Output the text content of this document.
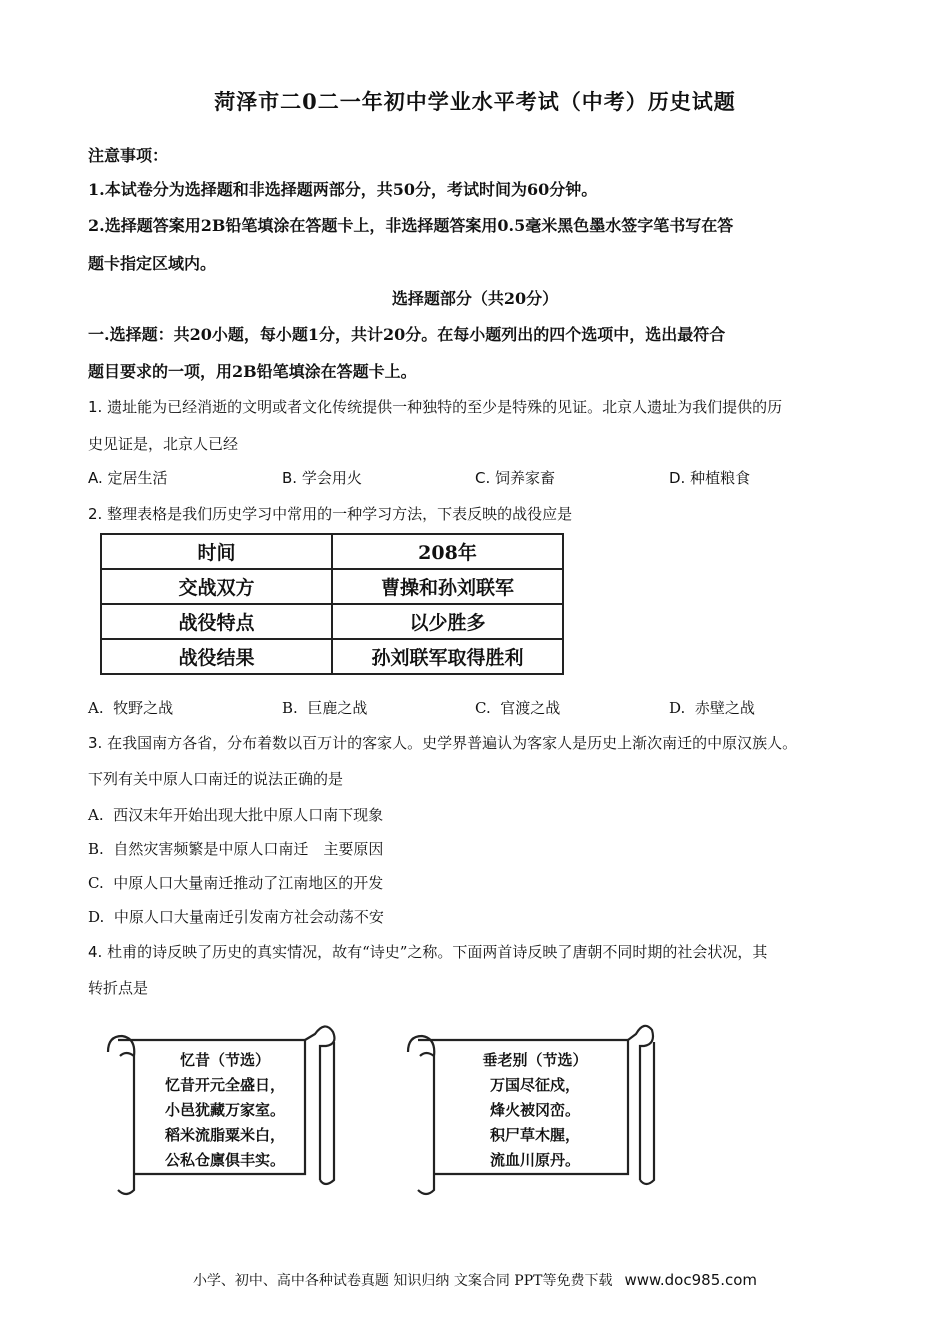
菏泽市二0二一年初中学业水平考试（中考）历史试题
注意事项：
1.本试卷分为选择题和非选择题两部分，共50分，考试时间为60分钟。
2.选择题答案用2B铅笔填涂在答题卡上，非选择题答案用0.5毫米黑色墨水签字笔书写在答
题卡指定区域内。
选择题部分（共20分）
一.选择题：共20小题，每小题1分，共计20分。在每小题列出的四个选项中，选出最符合
题目要求的一项，用2B铅笔填涂在答题卡上。
1. 遗址能为已经消逝的文明或者文化传统提供一种独特的至少是特殊的见证。北京人遗址为我们提供的历
史见证是，北京人已经
A. 定居生活	B. 学会用火	C. 饲养家畜	D. 种植粮食
2. 整理表格是我们历史学习中常用的一种学习方法，下表反映的战役应是
时间	208年
交战双方	曹操和孙刘联军
战役特点	以少胜多
战役结果	孙刘联军取得胜利
A. 牧野之战	B. 巨鹿之战	C. 官渡之战	D. 赤壁之战
3. 在我国南方各省，分布着数以百万计的客家人。史学界普遍认为客家人是历史上渐次南迁的中原汉族人。
下列有关中原人口南迁的说法正确的是
A. 西汉末年开始出现大批中原人口南下现象
B. 自然灾害频繁是中原人口南迁　主要原因
C. 中原人口大量南迁推动了江南地区的开发
D. 中原人口大量南迁引发南方社会动荡不安
4. 杜甫的诗反映了历史的真实情况，故有“诗史”之称。下面两首诗反映了唐朝不同时期的社会状况，其
转折点是
忆昔（节选）
忆昔开元全盛日，
小邑犹藏万家室。
稻米流脂粟米白，
公私仓廪俱丰实。
垂老别（节选）
万国尽征戍，
烽火被冈峦。
积尸草木腥，
流血川原丹。
小学、初中、高中各种试卷真题 知识归纳 文案合同 PPT等免费下载 www.doc985.com
